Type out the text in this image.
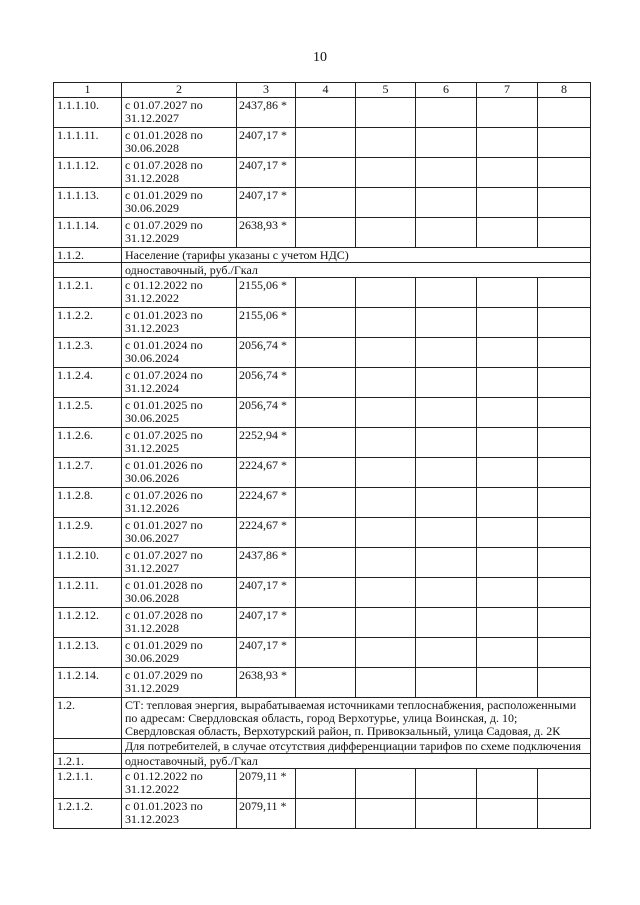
10
1	2	3	4	5	6	7	8
1.1.1.10.	с 01.07.2027 по 31.12.2027	2437,86 *					
1.1.1.11.	с 01.01.2028 по 30.06.2028	2407,17 *					
1.1.1.12.	с 01.07.2028 по 31.12.2028	2407,17 *					
1.1.1.13.	с 01.01.2029 по 30.06.2029	2407,17 *					
1.1.1.14.	с 01.07.2029 по 31.12.2029	2638,93 *					
1.1.2.	Население (тарифы указаны с учетом НДС)						
	одноставочный, руб./Гкал						
1.1.2.1.	с 01.12.2022 по 31.12.2022	2155,06 *					
1.1.2.2.	с 01.01.2023 по 31.12.2023	2155,06 *					
1.1.2.3.	с 01.01.2024 по 30.06.2024	2056,74 *					
1.1.2.4.	с 01.07.2024 по 31.12.2024	2056,74 *					
1.1.2.5.	с 01.01.2025 по 30.06.2025	2056,74 *					
1.1.2.6.	с 01.07.2025 по 31.12.2025	2252,94 *					
1.1.2.7.	с 01.01.2026 по 30.06.2026	2224,67 *					
1.1.2.8.	с 01.07.2026 по 31.12.2026	2224,67 *					
1.1.2.9.	с 01.01.2027 по 30.06.2027	2224,67 *					
1.1.2.10.	с 01.07.2027 по 31.12.2027	2437,86 *					
1.1.2.11.	с 01.01.2028 по 30.06.2028	2407,17 *					
1.1.2.12.	с 01.07.2028 по 31.12.2028	2407,17 *					
1.1.2.13.	с 01.01.2029 по 30.06.2029	2407,17 *					
1.1.2.14.	с 01.07.2029 по 31.12.2029	2638,93 *					
1.2.	СТ: тепловая энергия, вырабатываемая источниками теплоснабжения, расположенными по адресам: Свердловская область, город Верхотурье, улица Воинская, д. 10; Свердловская область, Верхотурский район, п. Привокзальный, улица Садовая, д. 2К						
	Для потребителей, в случае отсутствия дифференциации тарифов по схеме подключения						
1.2.1.	одноставочный, руб./Гкал						
1.2.1.1.	с 01.12.2022 по 31.12.2022	2079,11 *					
1.2.1.2.	с 01.01.2023 по 31.12.2023	2079,11 *					
